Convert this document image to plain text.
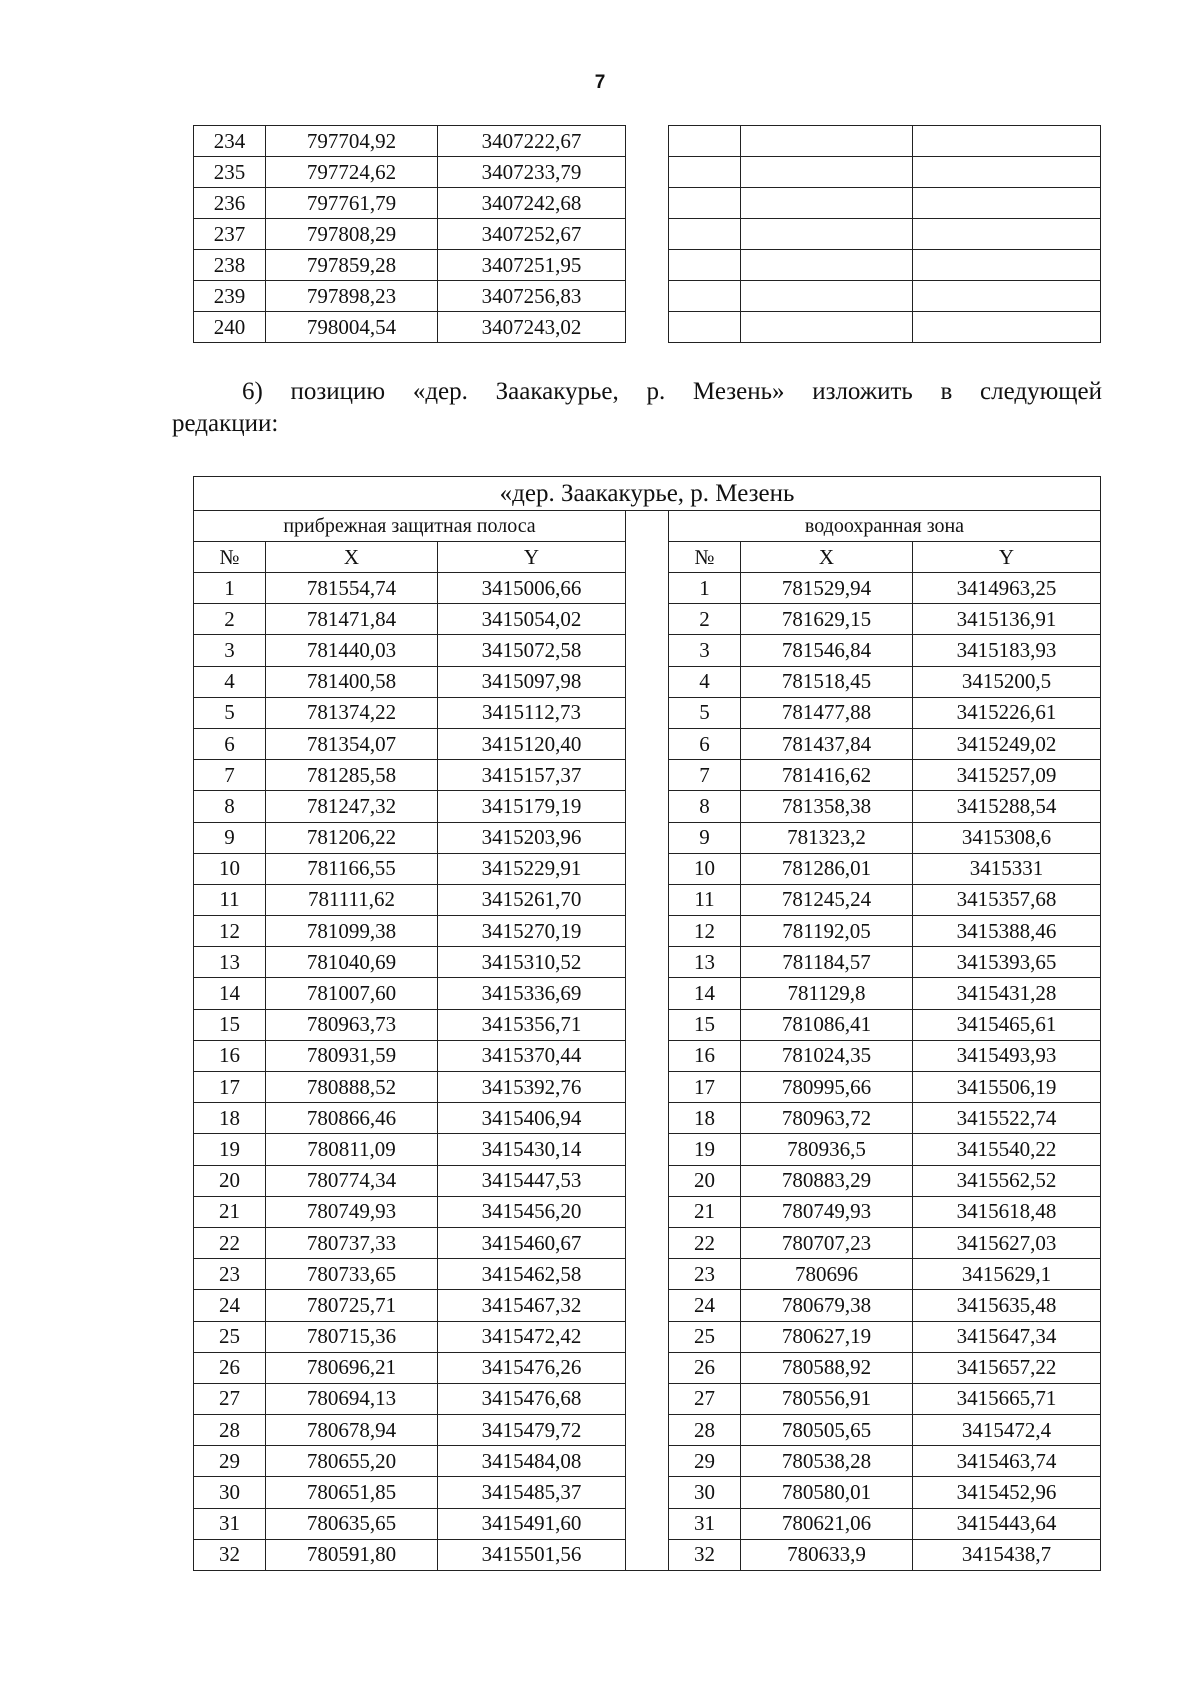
7
234	797704,92	3407222,67				
235	797724,62	3407233,79				
236	797761,79	3407242,68				
237	797808,29	3407252,67				
238	797859,28	3407251,95				
239	797898,23	3407256,83				
240	798004,54	3407243,02				
6) позицию «дер. Заакакурье, р. Мезень» изложить в следующей
редакции:
«дер. Заакакурье, р. Мезень						
прибрежная защитная полоса				водоохранная зона		
№	X	Y		№	X	Y
1	781554,74	3415006,66		1	781529,94	3414963,25
2	781471,84	3415054,02		2	781629,15	3415136,91
3	781440,03	3415072,58		3	781546,84	3415183,93
4	781400,58	3415097,98		4	781518,45	3415200,5
5	781374,22	3415112,73		5	781477,88	3415226,61
6	781354,07	3415120,40		6	781437,84	3415249,02
7	781285,58	3415157,37		7	781416,62	3415257,09
8	781247,32	3415179,19		8	781358,38	3415288,54
9	781206,22	3415203,96		9	781323,2	3415308,6
10	781166,55	3415229,91		10	781286,01	3415331
11	781111,62	3415261,70		11	781245,24	3415357,68
12	781099,38	3415270,19		12	781192,05	3415388,46
13	781040,69	3415310,52		13	781184,57	3415393,65
14	781007,60	3415336,69		14	781129,8	3415431,28
15	780963,73	3415356,71		15	781086,41	3415465,61
16	780931,59	3415370,44		16	781024,35	3415493,93
17	780888,52	3415392,76		17	780995,66	3415506,19
18	780866,46	3415406,94		18	780963,72	3415522,74
19	780811,09	3415430,14		19	780936,5	3415540,22
20	780774,34	3415447,53		20	780883,29	3415562,52
21	780749,93	3415456,20		21	780749,93	3415618,48
22	780737,33	3415460,67		22	780707,23	3415627,03
23	780733,65	3415462,58		23	780696	3415629,1
24	780725,71	3415467,32		24	780679,38	3415635,48
25	780715,36	3415472,42		25	780627,19	3415647,34
26	780696,21	3415476,26		26	780588,92	3415657,22
27	780694,13	3415476,68		27	780556,91	3415665,71
28	780678,94	3415479,72		28	780505,65	3415472,4
29	780655,20	3415484,08		29	780538,28	3415463,74
30	780651,85	3415485,37		30	780580,01	3415452,96
31	780635,65	3415491,60		31	780621,06	3415443,64
32	780591,80	3415501,56		32	780633,9	3415438,7
